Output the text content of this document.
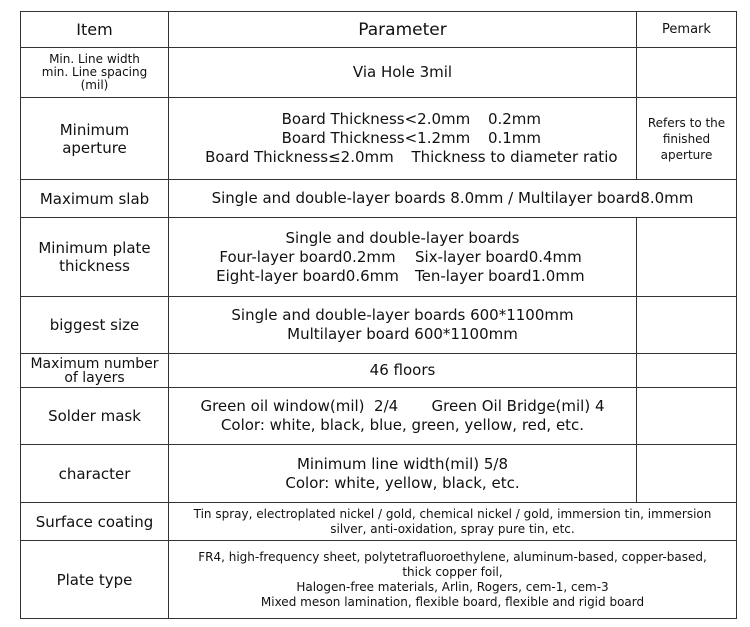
Item	Parameter	Pemark

Min. Line width
min. Line spacing
(mil)	Via Hole 3mil	

Minimum
aperture	Board Thickness<2.0mm 0.2mm
Board Thickness<1.2mm 0.1mm
Board Thickness≤2.0mm Thickness to diameter ratio	Refers to the
finished
aperture

Maximum slab	Single and double-layer boards 8.0mm / Multilayer board8.0mm	

Minimum plate
thickness	Single and double-layer boards
Four-layer board0.2mm Six-layer board0.4mm
Eight-layer board0.6mm Ten-layer board1.0mm	

biggest size	Single and double-layer boards 600*1100mm
Multilayer board 600*1100mm	

Maximum number
of layers	46 floors	

Solder mask	Green oil window(mil)  2/4       Green Oil Bridge(mil) 4
Color: white, black, blue, green, yellow, red, etc.	

character	Minimum line width(mil) 5/8
Color: white, yellow, black, etc.	

Surface coating	Tin spray, electroplated nickel / gold, chemical nickel / gold, immersion tin, immersion
silver, anti-oxidation, spray pure tin, etc.	

Plate type	FR4, high-frequency sheet, polytetrafluoroethylene, aluminum-based, copper-based,
thick copper foil,
Halogen-free materials, Arlin, Rogers, cem-1, cem-3
Mixed meson lamination, flexible board, flexible and rigid board	
